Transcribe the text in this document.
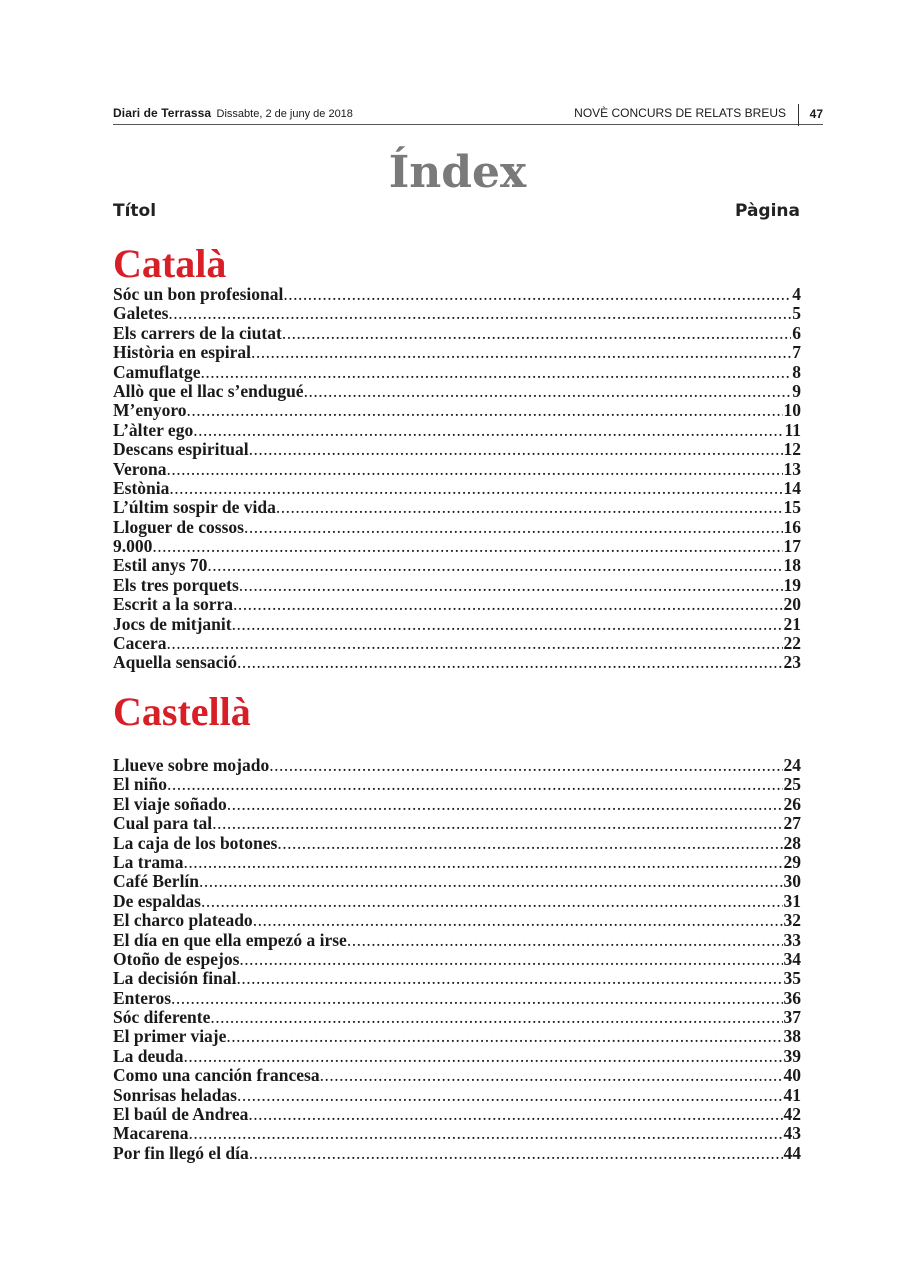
Diari de Terrassa Dissabte, 2 de juny de 2018	NOVÈ CONCURS DE RELATS BREUS 47
Índex
Títol	Pàgina
Català
Sóc un bon profesional .....	4
Galetes .....	5
Els carrers de la ciutat .....	6
Història en espiral .....	7
Camuflatge .....	8
Allò que el llac s’endugué .....	9
M’enyoro .....	10
L’àlter ego .....	11
Descans espiritual .....	12
Verona .....	13
Estònia .....	14
L’últim sospir de vida .....	15
Lloguer de cossos .....	16
9.000 .....	17
Estil anys 70 .....	18
Els tres porquets .....	19
Escrit a la sorra .....	20
Jocs de mitjanit .....	21
Cacera .....	22
Aquella sensació .....	23
Castellà
Llueve sobre mojado .....	24
El niño .....	25
El viaje soñado .....	26
Cual para tal .....	27
La caja de los botones .....	28
La trama .....	29
Café Berlín .....	30
De espaldas .....	31
El charco plateado .....	32
El día en que ella empezó a irse .....	33
Otoño de espejos .....	34
La decisión final .....	35
Enteros .....	36
Sóc diferente .....	37
El primer viaje .....	38
La deuda .....	39
Como una canción francesa .....	40
Sonrisas heladas .....	41
El baúl de Andrea .....	42
Macarena .....	43
Por fin llegó el día .....	44
